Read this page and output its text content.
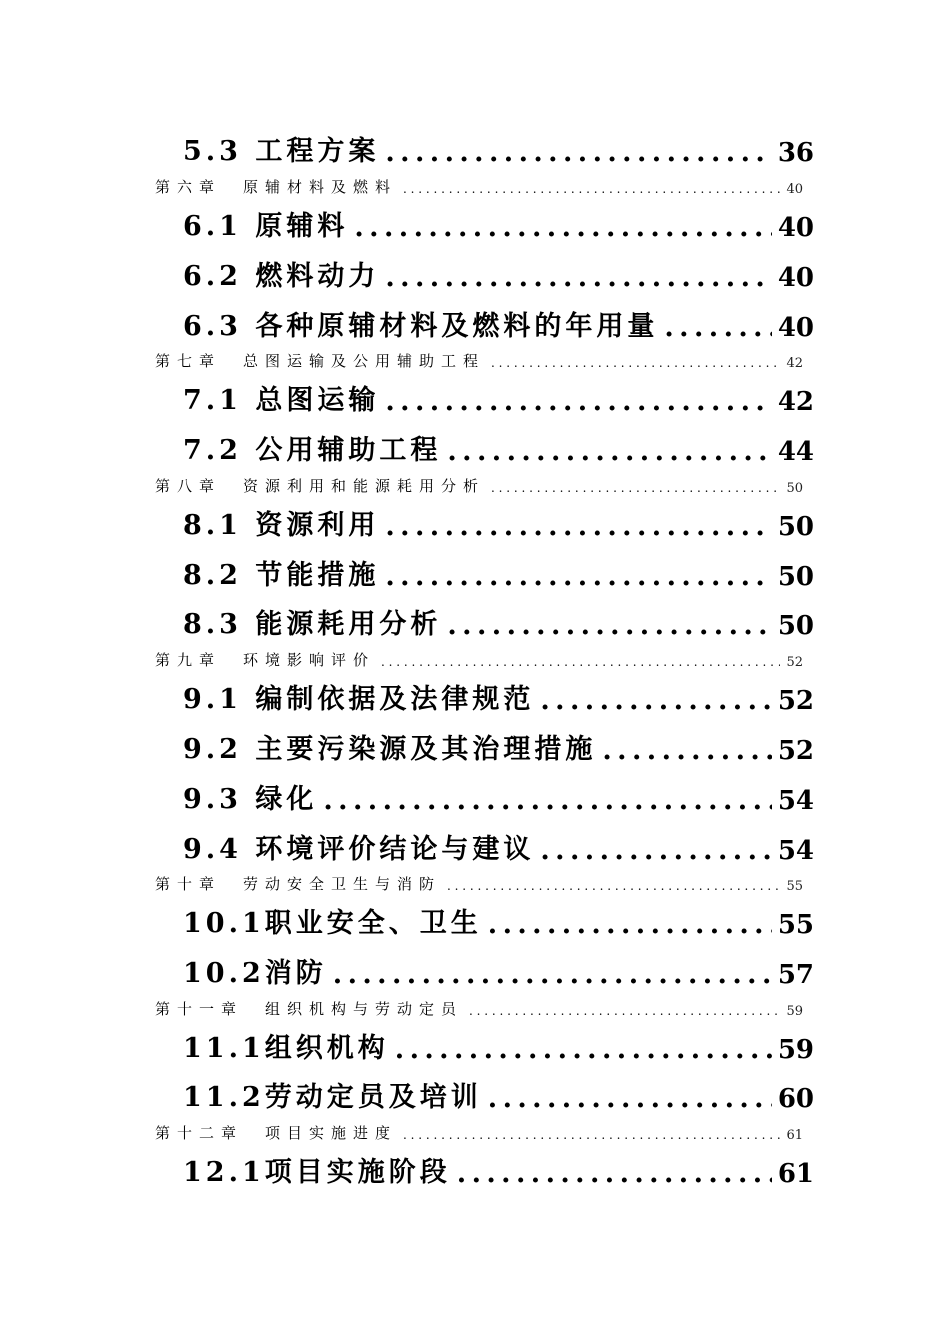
5.3 工程方案 . . .	36
第六章　原辅材料及燃料 . . .	40
6.1 原辅料 . . .	40
6.2 燃料动力 . . .	40
6.3 各种原辅材料及燃料的年用量 . . .	40
第七章　总图运输及公用辅助工程 . . .	42
7.1 总图运输 . . .	42
7.2 公用辅助工程 . . .	44
第八章　资源利用和能源耗用分析 . . .	50
8.1 资源利用 . . .	50
8.2 节能措施 . . .	50
8.3 能源耗用分析 . . .	50
第九章　环境影响评价 . . .	52
9.1 编制依据及法律规范 . . .	52
9.2 主要污染源及其治理措施 . . .	52
9.3 绿化 . . .	54
9.4 环境评价结论与建议 . . .	54
第十章　劳动安全卫生与消防 . . .	55
10.1职业安全、卫生 . . .	55
10.2消防 . . .	57
第十一章　组织机构与劳动定员 . . .	59
11.1组织机构 . . .	59
11.2劳动定员及培训 . . .	60
第十二章　项目实施进度 . . .	61
12.1项目实施阶段 . . .	61
